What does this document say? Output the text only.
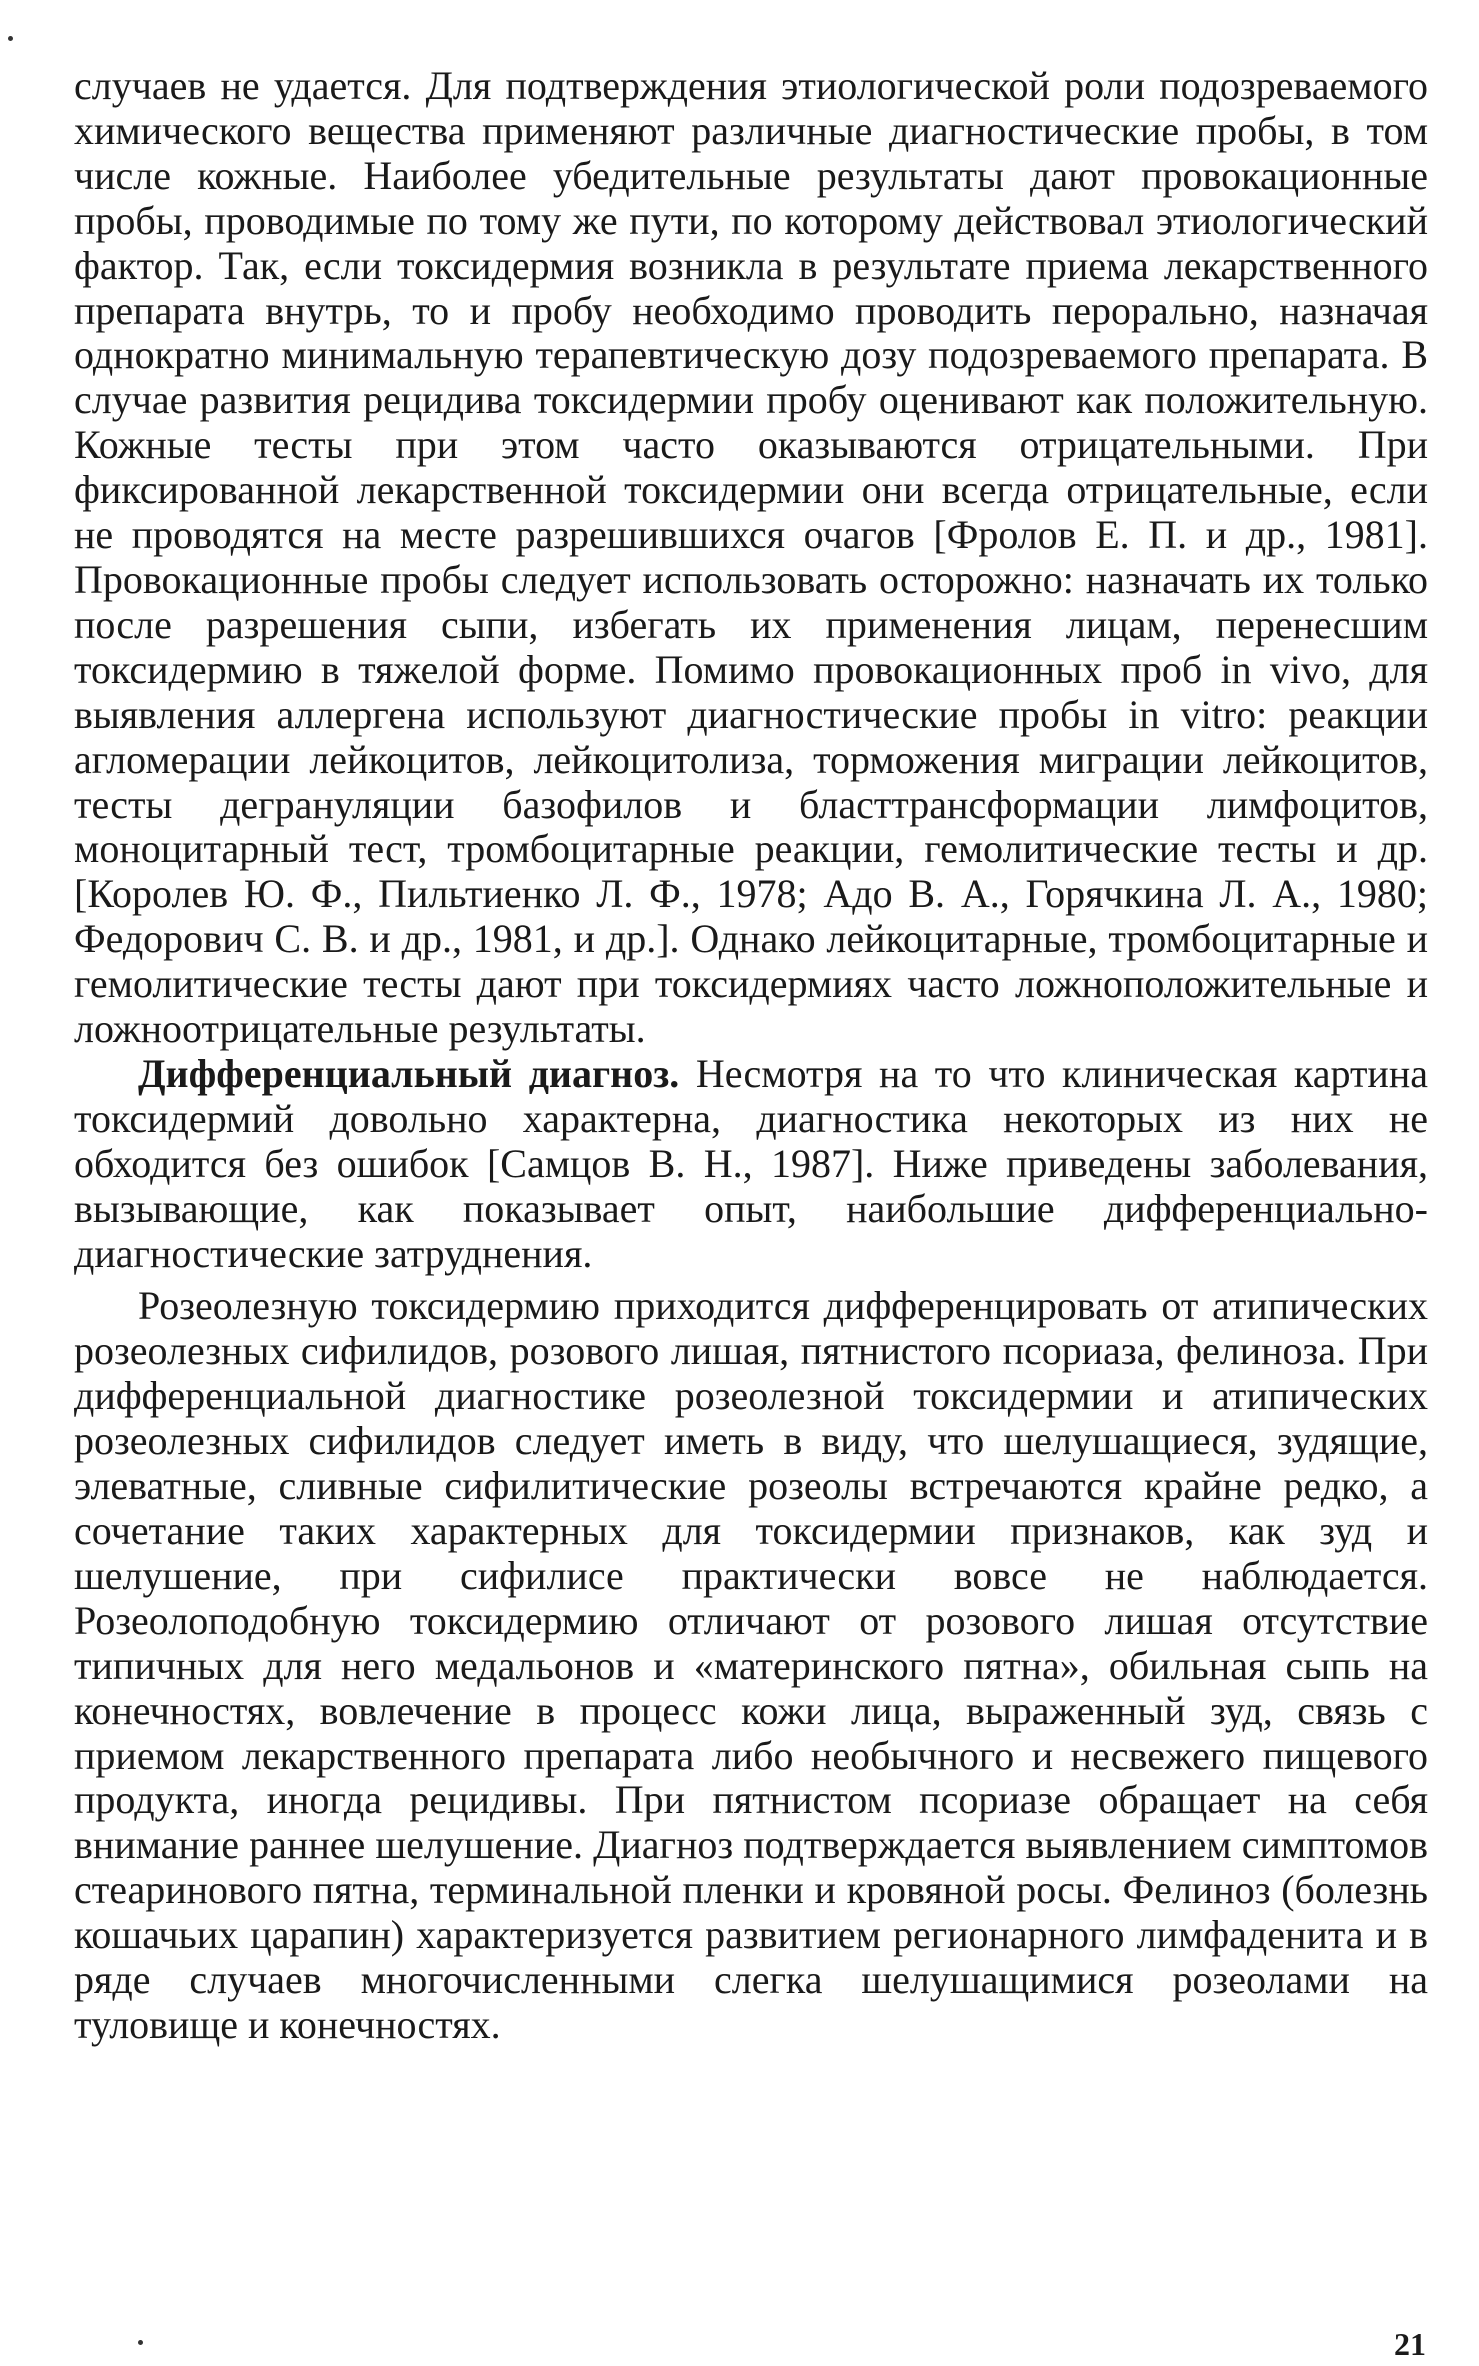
случаев не удается. Для подтверждения этиологической роли подозреваемого химического вещества применяют различные диагностические пробы, в том числе кожные. Наиболее убедительные результаты дают провокационные пробы, проводимые по тому же пути, по которому действовал этиологический фактор. Так, если токсидермия возникла в результате приема лекарственного препарата внутрь, то и пробу необходимо проводить перорально, назначая однократно минимальную терапевтическую дозу подозреваемого препарата. В случае развития рецидива токсидермии пробу оценивают как положительную. Кожные тесты при этом часто оказываются отрицательными. При фиксированной лекарственной токсидермии они всегда отрицательные, если не проводятся на месте разрешившихся очагов [Фролов Е. П. и др., 1981]. Провокационные пробы следует использовать осторожно: назначать их только после разрешения сыпи, избегать их применения лицам, перенесшим токсидермию в тяжелой форме. Помимо провокационных проб in vivo, для выявления аллергена используют диагностические пробы in vitro: реакции агломерации лейкоцитов, лейкоцитолиза, торможения миграции лейкоцитов, тесты дегрануляции базофилов и бласттрансформации лимфоцитов, моноцитарный тест, тромбоцитарные реакции, гемолитические тесты и др. [Королев Ю. Ф., Пильтиенко Л. Ф., 1978; Адо В. А., Горячкина Л. А., 1980; Федорович С. В. и др., 1981, и др.]. Однако лейкоцитарные, тромбоцитарные и гемолитические тесты дают при токсидермиях часто ложноположительные и ложноотрицательные результаты.

Дифференциальный диагноз. Несмотря на то что клиническая картина токсидермий довольно характерна, диагностика некоторых из них не обходится без ошибок [Самцов В. Н., 1987]. Ниже приведены заболевания, вызывающие, как показывает опыт, наибольшие дифференциально-диагностические затруднения.

Розеолезную токсидермию приходится дифференцировать от атипических розеолезных сифилидов, розового лишая, пятнистого псориаза, фелиноза. При дифференциальной диагностике розеолезной токсидермии и атипических розеолезных сифилидов следует иметь в виду, что шелушащиеся, зудящие, элеватные, сливные сифилитические розеолы встречаются крайне редко, а сочетание таких характерных для токсидермии признаков, как зуд и шелушение, при сифилисе практически вовсе не наблюдается. Розеолоподобную токсидермию отличают от розового лишая отсутствие типичных для него медальонов и «материнского пятна», обильная сыпь на конечностях, вовлечение в процесс кожи лица, выраженный зуд, связь с приемом лекарственного препарата либо необычного и несвежего пищевого продукта, иногда рецидивы. При пятнистом псориазе обращает на себя внимание раннее шелушение. Диагноз подтверждается выявлением симптомов стеаринового пятна, терминальной пленки и кровяной росы. Фелиноз (болезнь кошачьих царапин) характеризуется развитием регионарного лимфаденита и в ряде случаев многочисленными слегка шелушащимися розеолами на туловище и конечностях.

21
